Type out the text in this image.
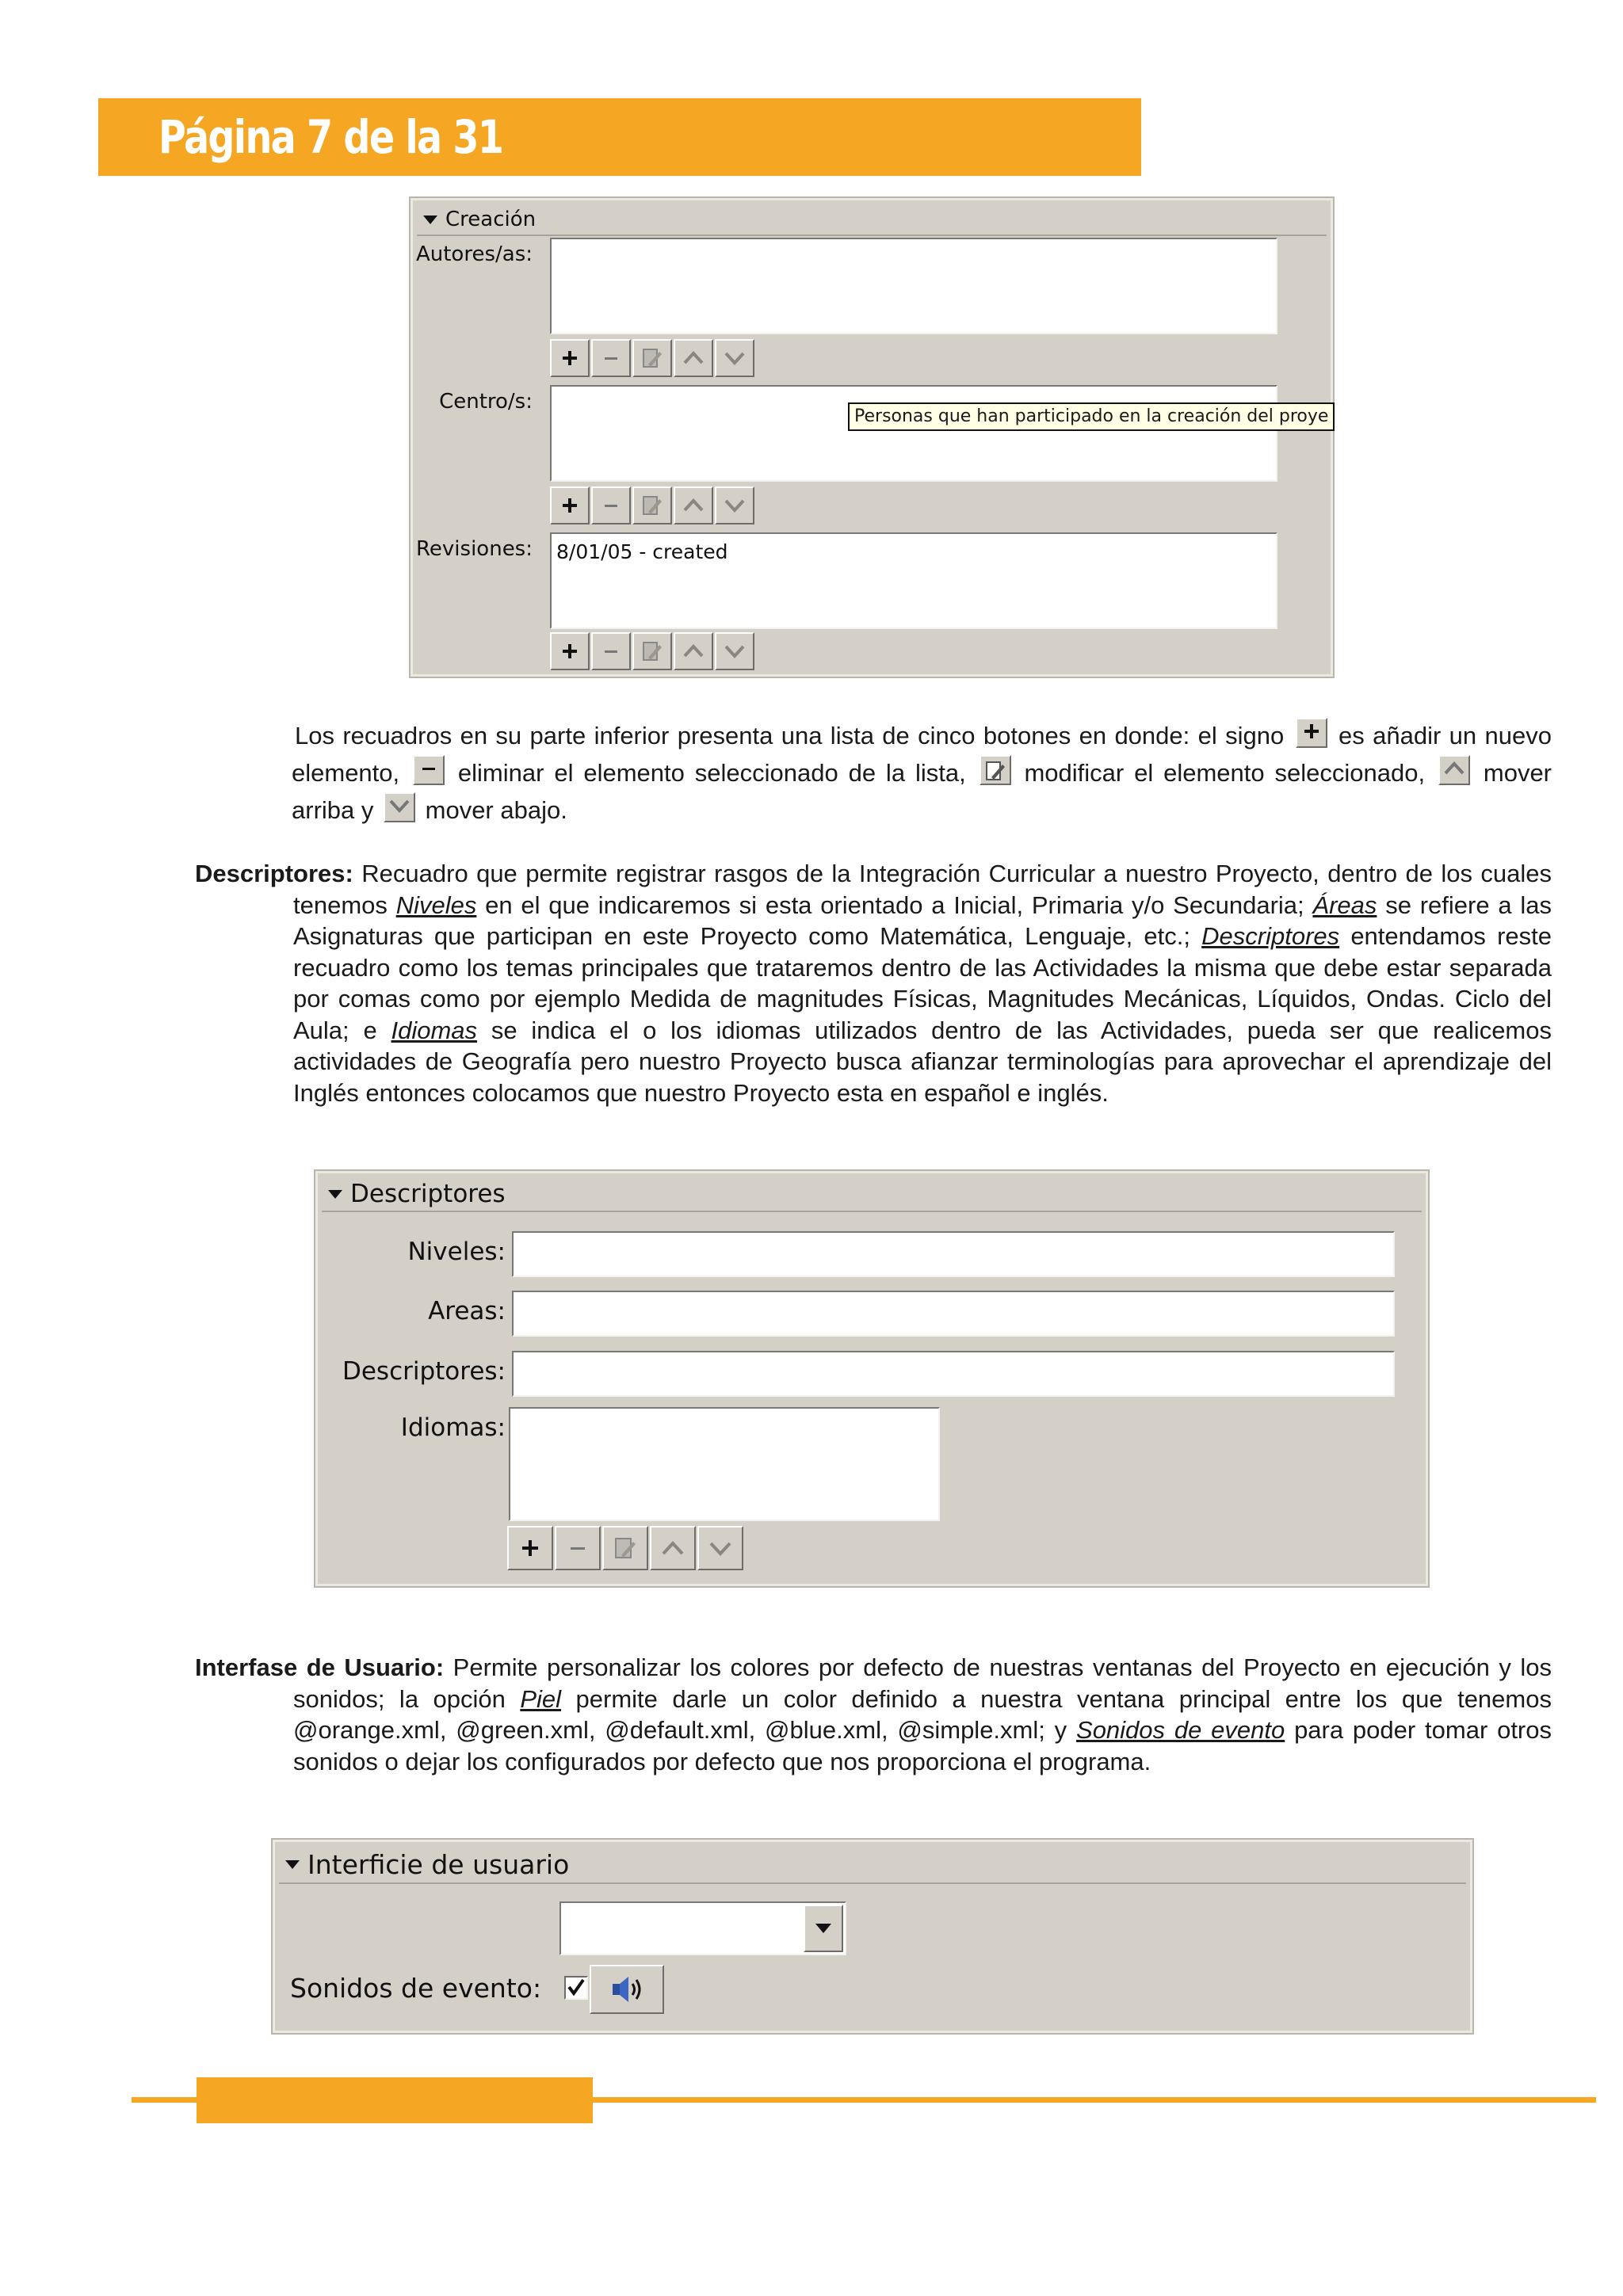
Página 7 de la 31
Creación
Autores/as:
Centro/s:
Personas que han participado en la creación del proye
Revisiones:	8/01/05 - created
Los recuadros en su parte inferior presenta una lista de cinco botones en donde: el signo es añadir un nuevo elemento, eliminar el elemento seleccionado de la lista, modificar el elemento seleccionado, mover arriba y mover abajo.
Descriptores: Recuadro que permite registrar rasgos de la Integración Curricular a nuestro Proyecto, dentro de los cuales tenemos Niveles en el que indicaremos si esta orientado a Inicial, Primaria y/o Secundaria; Áreas se refiere a las Asignaturas que participan en este Proyecto como Matemática, Lenguaje, etc.; Descriptores entendamos reste recuadro como los temas principales que trataremos dentro de las Actividades la misma que debe estar separada por comas como por ejemplo Medida de magnitudes Físicas, Magnitudes Mecánicas, Líquidos, Ondas. Ciclo del Aula; e Idiomas se indica el o los idiomas utilizados dentro de las Actividades, pueda ser que realicemos actividades de Geografía pero nuestro Proyecto busca afianzar terminologías para aprovechar el aprendizaje del Inglés entonces colocamos que nuestro Proyecto esta en español e inglés.
Descriptores
Niveles:
Areas:
Descriptores:
Idiomas:
Interfase de Usuario: Permite personalizar los colores por defecto de nuestras ventanas del Proyecto en ejecución y los sonidos; la opción Piel permite darle un color definido a nuestra ventana principal entre los que tenemos @orange.xml, @green.xml, @default.xml, @blue.xml, @simple.xml; y Sonidos de evento para poder tomar otros sonidos o dejar los configurados por defecto que nos proporciona el programa.
Interficie de usuario
Sonidos de evento:
